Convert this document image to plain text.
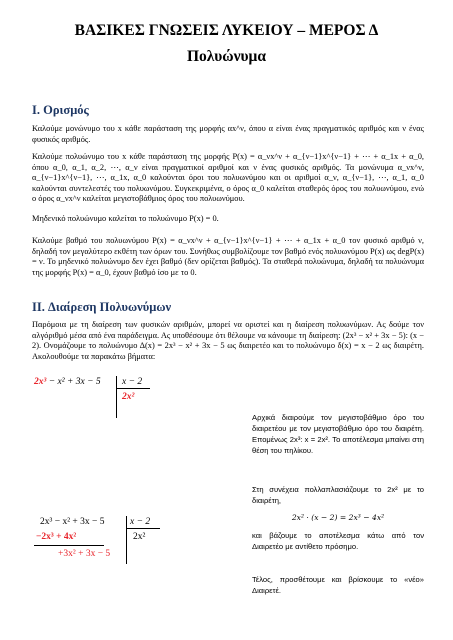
ΒΑΣΙΚΕΣ ΓΝΩΣΕΙΣ ΛΥΚΕΙΟΥ – ΜΕΡΟΣ Δ
Πολυώνυμα
I. Ορισμός
Καλούμε μονώνυμο του x κάθε παράσταση της μορφής αx^ν, όπου α είναι ένας πραγματικός αριθμός και ν ένας φυσικός αριθμός.
Καλούμε πολυώνυμο του x κάθε παράσταση της μορφής P(x) = α_νx^ν + α_{ν−1}x^{ν−1} + ⋯ + α_1x + α_0, όπου α_0, α_1, α_2, ⋯, α_ν είναι πραγματικοί αριθμοί και ν ένας φυσικός αριθμός. Τα μονώνυμα α_νx^ν, α_{ν−1}x^{ν−1}, ⋯, α_1x, α_0 καλούνται όροι του πολυωνύμου και οι αριθμοί α_ν, α_{ν−1}, ⋯, α_1, α_0 καλούνται συντελεστές του πολυωνύμου. Συγκεκριμένα, ο όρος α_0 καλείται σταθερός όρος του πολυωνύμου, ενώ ο όρος α_νx^ν καλείται μεγιστοβάθμιος όρος του πολυωνύμου.
Μηδενικό πολυώνυμο καλείται το πολυώνυμο P(x) = 0.
Καλούμε βαθμό του πολυωνύμου P(x) = α_νx^ν + α_{ν−1}x^{ν−1} + ⋯ + α_1x + α_0 τον φυσικό αριθμό ν, δηλαδή τον μεγαλύτερο εκθέτη των όρων του. Συνήθως συμβολίζουμε τον βαθμό ενός πολυωνύμου P(x) ως degP(x) = ν. Το μηδενικό πολυώνυμο δεν έχει βαθμό (δεν ορίζεται βαθμός). Τα σταθερά πολυώνυμα, δηλαδή τα πολυώνυμα της μορφής P(x) = α_0, έχουν βαθμό ίσο με το 0.
II. Διαίρεση Πολυωνύμων
Παρόμοια με τη διαίρεση των φυσικών αριθμών, μπορεί να οριστεί και η διαίρεση πολυωνύμων. Ας δούμε τον αλγόριθμό μέσα από ένα παράδειγμα. Ας υποθέσουμε ότι θέλουμε να κάνουμε τη διαίρεση: (2x³ − x² + 3x − 5): (x − 2). Ονομάζουμε το πολυώνυμο Δ(x) = 2x³ − x² + 3x − 5 ως διαιρετέο και το πολυώνυμο δ(x) = x − 2 ως διαιρέτη. Ακολουθούμε τα παρακάτω βήματα:
2x³ − x² + 3x − 5 x − 2
2x²
Αρχικά διαιρούμε τον μεγιστοβάθμιο όρο του διαιρετέου με τον μεγιστοβάθμιο όρο του διαιρέτη. Επομένως 2x³: x = 2x². Το αποτέλεσμα μπαίνει στη θέση του πηλίκου.
2x³ − x² + 3x − 5	x − 2
−2x³ + 4x²
+3x² + 3x − 5
2x²
Στη συνέχεια πολλαπλασιάζουμε το 2x² με το διαιρέτη,
2x² · (x − 2) = 2x³ − 4x²
και βάζουμε το αποτέλεσμα κάτω από τον Διαιρετέο με αντίθετο πρόσημο.
Τέλος, προσθέτουμε και βρίσκουμε το «νέο» Διαιρετέ.
